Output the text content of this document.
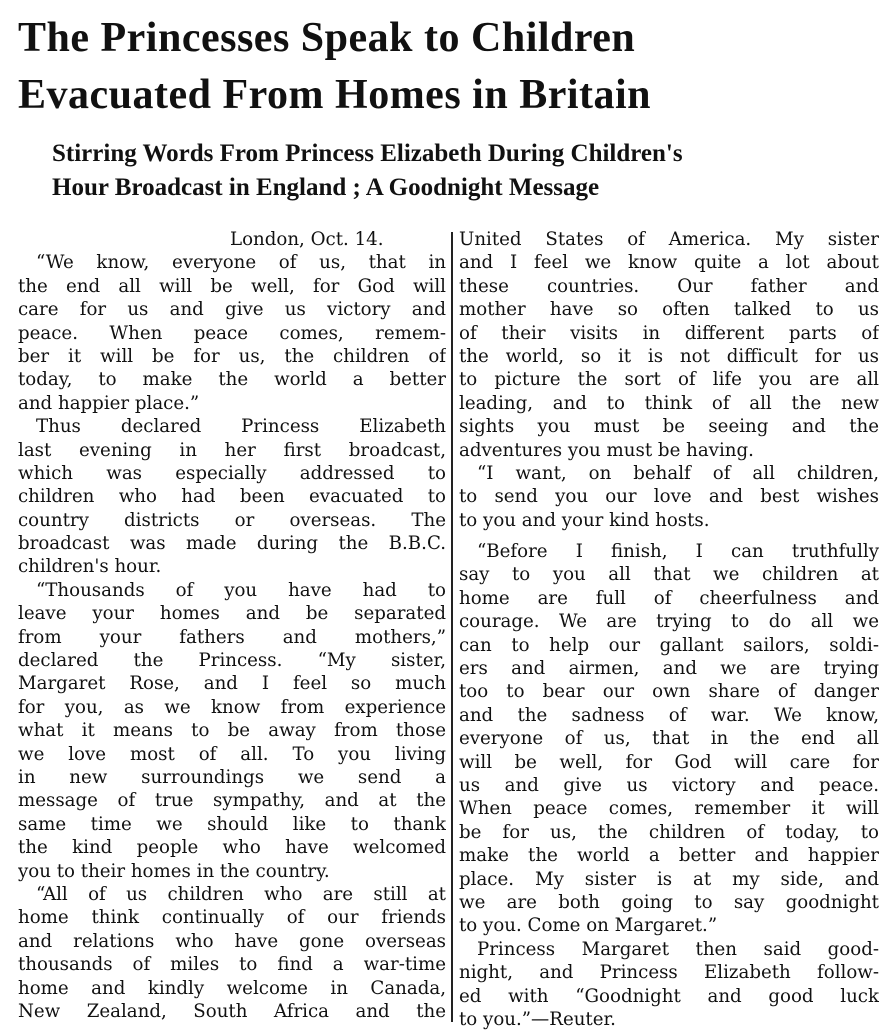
The Princesses Speak to Children
Evacuated From Homes in Britain
Stirring Words From Princess Elizabeth During Children's
Hour Broadcast in England ; A Goodnight Message
London, Oct. 14.
“We know, everyone of us, that in
the end all will be well, for God will
care for us and give us victory and
peace. When peace comes, remem-
ber it will be for us, the children of
today, to make the world a better
and happier place.”
Thus declared Princess Elizabeth
last evening in her first broadcast,
which was especially addressed to
children who had been evacuated to
country districts or overseas. The
broadcast was made during the B.B.C.
children's hour.
“Thousands of you have had to
leave your homes and be separated
from your fathers and mothers,”
declared the Princess. “My sister,
Margaret Rose, and I feel so much
for you, as we know from experience
what it means to be away from those
we love most of all. To you living
in new surroundings we send a
message of true sympathy, and at the
same time we should like to thank
the kind people who have welcomed
you to their homes in the country.
“All of us children who are still at
home think continually of our friends
and relations who have gone overseas
thousands of miles to find a war-time
home and kindly welcome in Canada,
New Zealand, South Africa and the
United States of America. My sister
and I feel we know quite a lot about
these countries. Our father and
mother have so often talked to us
of their visits in different parts of
the world, so it is not difficult for us
to picture the sort of life you are all
leading, and to think of all the new
sights you must be seeing and the
adventures you must be having.
“I want, on behalf of all children,
to send you our love and best wishes
to you and your kind hosts.
“Before I finish, I can truthfully
say to you all that we children at
home are full of cheerfulness and
courage. We are trying to do all we
can to help our gallant sailors, soldi-
ers and airmen, and we are trying
too to bear our own share of danger
and the sadness of war. We know,
everyone of us, that in the end all
will be well, for God will care for
us and give us victory and peace.
When peace comes, remember it will
be for us, the children of today, to
make the world a better and happier
place. My sister is at my side, and
we are both going to say goodnight
to you. Come on Margaret.”
Princess Margaret then said good-
night, and Princess Elizabeth follow-
ed with “Goodnight and good luck
to you.”—Reuter.
